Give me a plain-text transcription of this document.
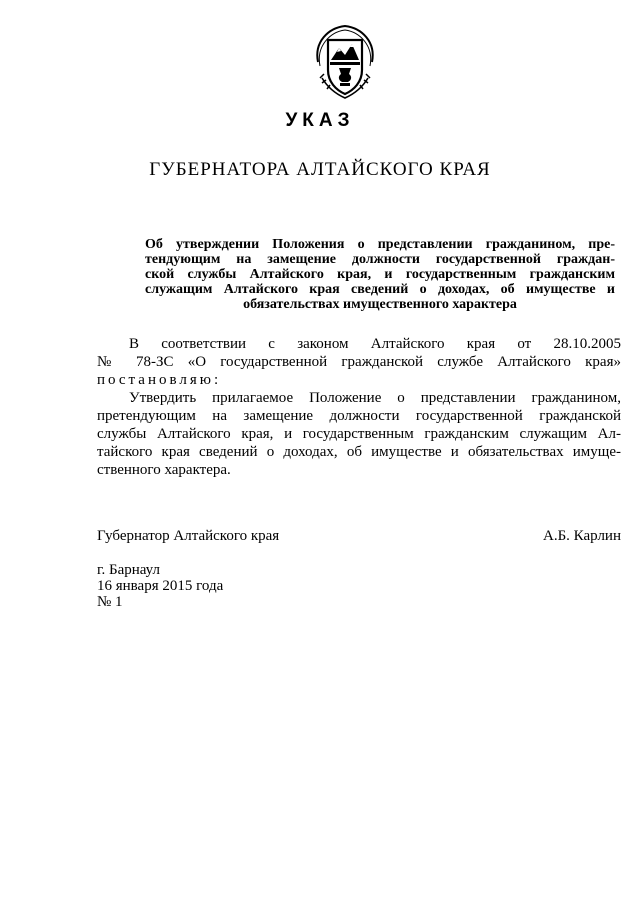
УКАЗ
ГУБЕРНАТОРА АЛТАЙСКОГО КРАЯ
Об утверждении Положения о представлении гражданином, пре-
тендующим на замещение должности государственной граждан-
ской службы Алтайского края, и государственным гражданским
служащим Алтайского края сведений о доходах, об имуществе и
обязательствах имущественного характера
В соответствии с законом Алтайского края от 28.10.2005
№ 78-ЗС «О государственной гражданской службе Алтайского края»
постановляю:
Утвердить прилагаемое Положение о представлении гражданином,
претендующим на замещение должности государственной гражданской
службы Алтайского края, и государственным гражданским служащим Ал-
тайского края сведений о доходах, об имуществе и обязательствах имуще-
ственного характера.
Губернатор Алтайского края	А.Б. Карлин
г. Барнаул
16 января 2015 года
№ 1
